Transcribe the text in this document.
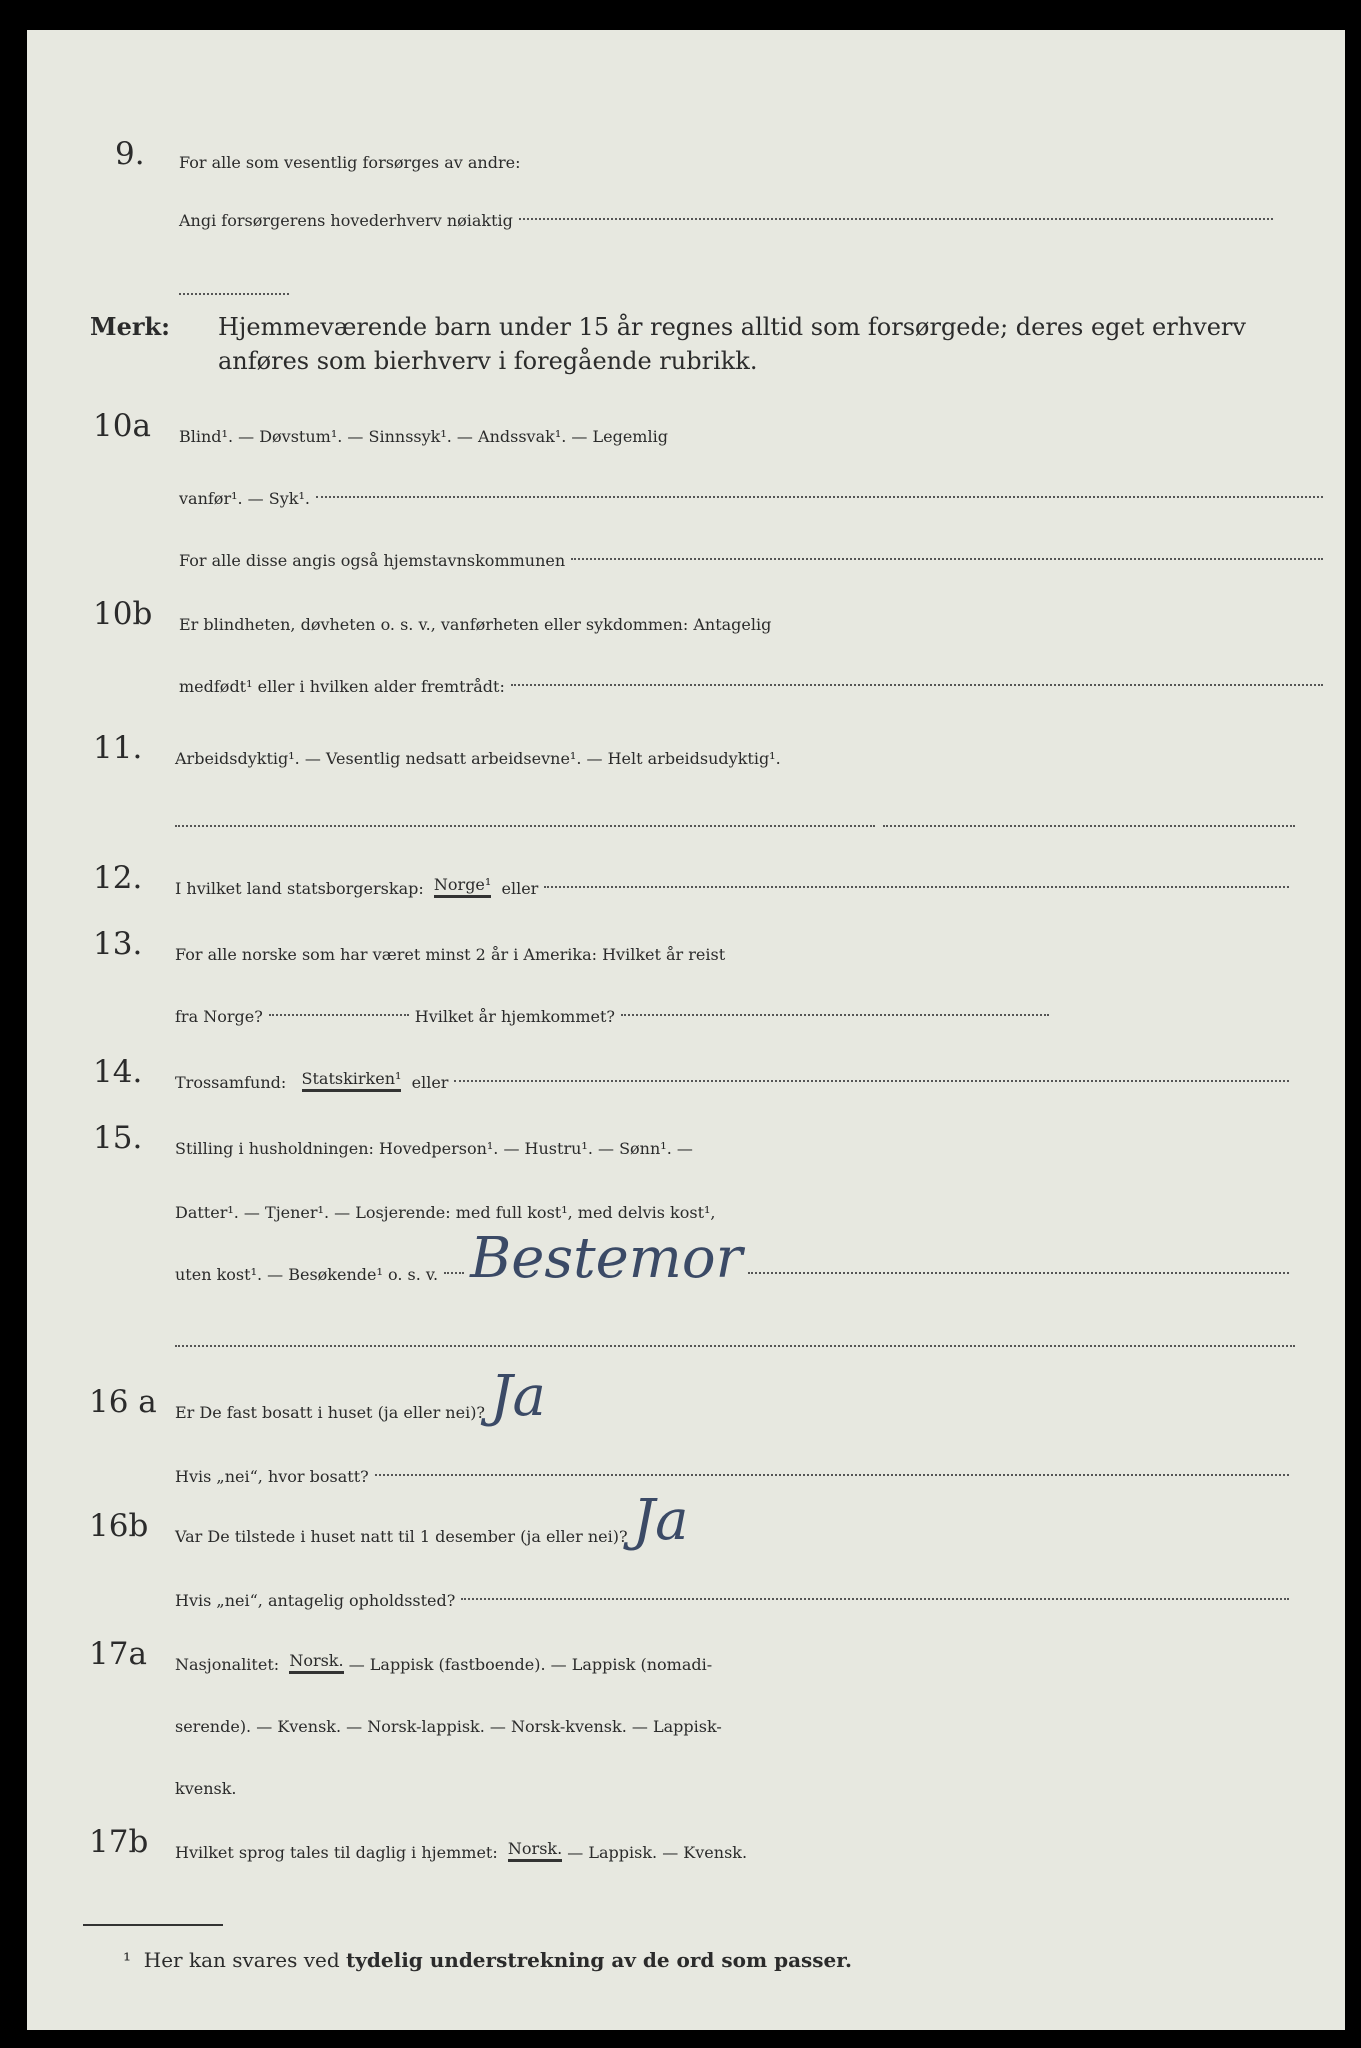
9. For alle som vesentlig forsørges av andre:
Angi forsørgerens hovederhverv nøiaktig
Merk: Hjemmeværende barn under 15 år regnes alltid som forsørgede; deres eget erhverv
anføres som bierhverv i foregående rubrikk.
10a Blind¹. — Døvstum¹. — Sinnssyk¹. — Andssvak¹. — Legemlig
vanfør¹. — Syk¹.
For alle disse angis også hjemstavnskommunen
10b Er blindheten, døvheten o. s. v., vanførheten eller sykdommen: Antagelig
medfødt¹ eller i hvilken alder fremtrådt:
11. Arbeidsdyktig¹. — Vesentlig nedsatt arbeidsevne¹. — Helt arbeidsudyktig¹.
12. I hvilket land statsborgerskap:
Norge¹
eller
13. For alle norske som har været minst 2 år i Amerika: Hvilket år reist
fra Norge?	Hvilket år hjemkommet?
14. Trossamfund:
Statskirken¹
eller
15. Stilling i husholdningen: Hovedperson¹. — Hustru¹. — Sønn¹. —
Datter¹. — Tjener¹. — Losjerende: med full kost¹, med delvis kost¹,
uten kost¹. — Besøkende¹ o. s. v. Bestemor
16 a Er De fast bosatt i huset (ja eller nei)?
Ja
Hvis „nei“, hvor bosatt?
16b Var De tilstede i huset natt til 1 desember (ja eller nei)?
Ja
Hvis „nei“, antagelig opholdssted?
17a Nasjonalitet:
Norsk.
— Lappisk (fastboende). — Lappisk (nomadi-
serende). — Kvensk. — Norsk-lappisk. — Norsk-kvensk. — Lappisk-
kvensk.
17b Hvilket sprog tales til daglig i hjemmet:
Norsk.
— Lappisk. — Kvensk.
¹ Her kan svares ved tydelig understrekning av de ord som passer.
